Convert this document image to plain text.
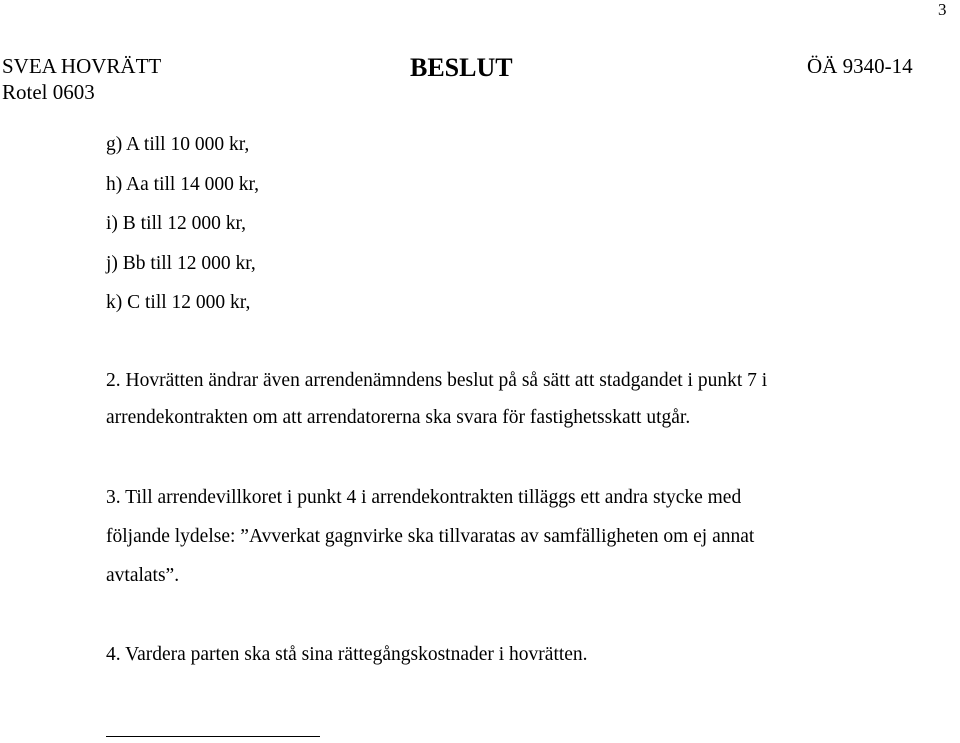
3
SVEA HOVRÄTT
Rotel 0603
BESLUT	ÖÄ 9340-14
g) A till 10 000 kr,
h) Aa till 14 000 kr,
i) B till 12 000 kr,
j) Bb till 12 000 kr,
k) C till 12 000 kr,
2. Hovrätten ändrar även arrendenämndens beslut på så sätt att stadgandet i punkt 7 i
arrendekontrakten om att arrendatorerna ska svara för fastighetsskatt utgår.
3. Till arrendevillkoret i punkt 4 i arrendekontrakten tilläggs ett andra stycke med
följande lydelse: ”Avverkat gagnvirke ska tillvaratas av samfälligheten om ej annat
avtalats”.
4. Vardera parten ska stå sina rättegångskostnader i hovrätten.
